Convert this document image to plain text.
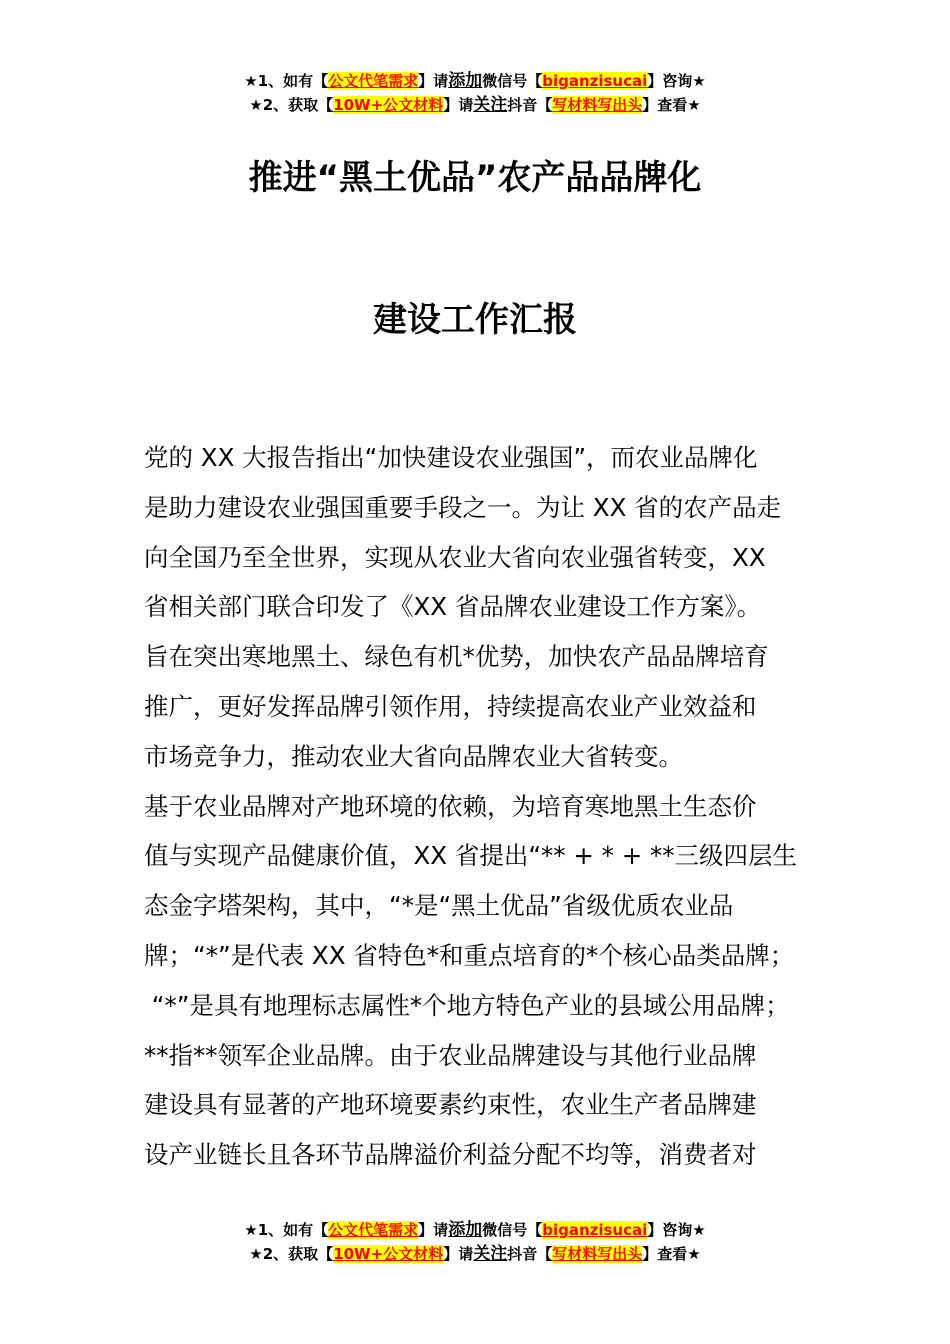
★1、如有【公文代笔需求】请添加微信号【biganzisucai】咨询★
★2、获取【10W+公文材料】请关注抖音【写材料写出头】查看★
推进“黑土优品”农产品品牌化
建设工作汇报
党的 XX 大报告指出“加快建设农业强国”，而农业品牌化
是助力建设农业强国重要手段之一。为让 XX 省的农产品走
向全国乃至全世界，实现从农业大省向农业强省转变，XX
省相关部门联合印发了《XX 省品牌农业建设工作方案》。
旨在突出寒地黑土、绿色有机*优势，加快农产品品牌培育
推广，更好发挥品牌引领作用，持续提高农业产业效益和
市场竞争力，推动农业大省向品牌农业大省转变。
基于农业品牌对产地环境的依赖，为培育寒地黑土生态价
值与实现产品健康价值，XX 省提出“** + * + **三级四层生
态金字塔架构，其中，“*是“黑土优品”省级优质农业品
牌；“*”是代表 XX 省特色*和重点培育的*个核心品类品牌；
“*”是具有地理标志属性*个地方特色产业的县域公用品牌；
**指**领军企业品牌。由于农业品牌建设与其他行业品牌
建设具有显著的产地环境要素约束性，农业生产者品牌建
设产业链长且各环节品牌溢价利益分配不均等，消费者对
★1、如有【公文代笔需求】请添加微信号【biganzisucai】咨询★
★2、获取【10W+公文材料】请关注抖音【写材料写出头】查看★
